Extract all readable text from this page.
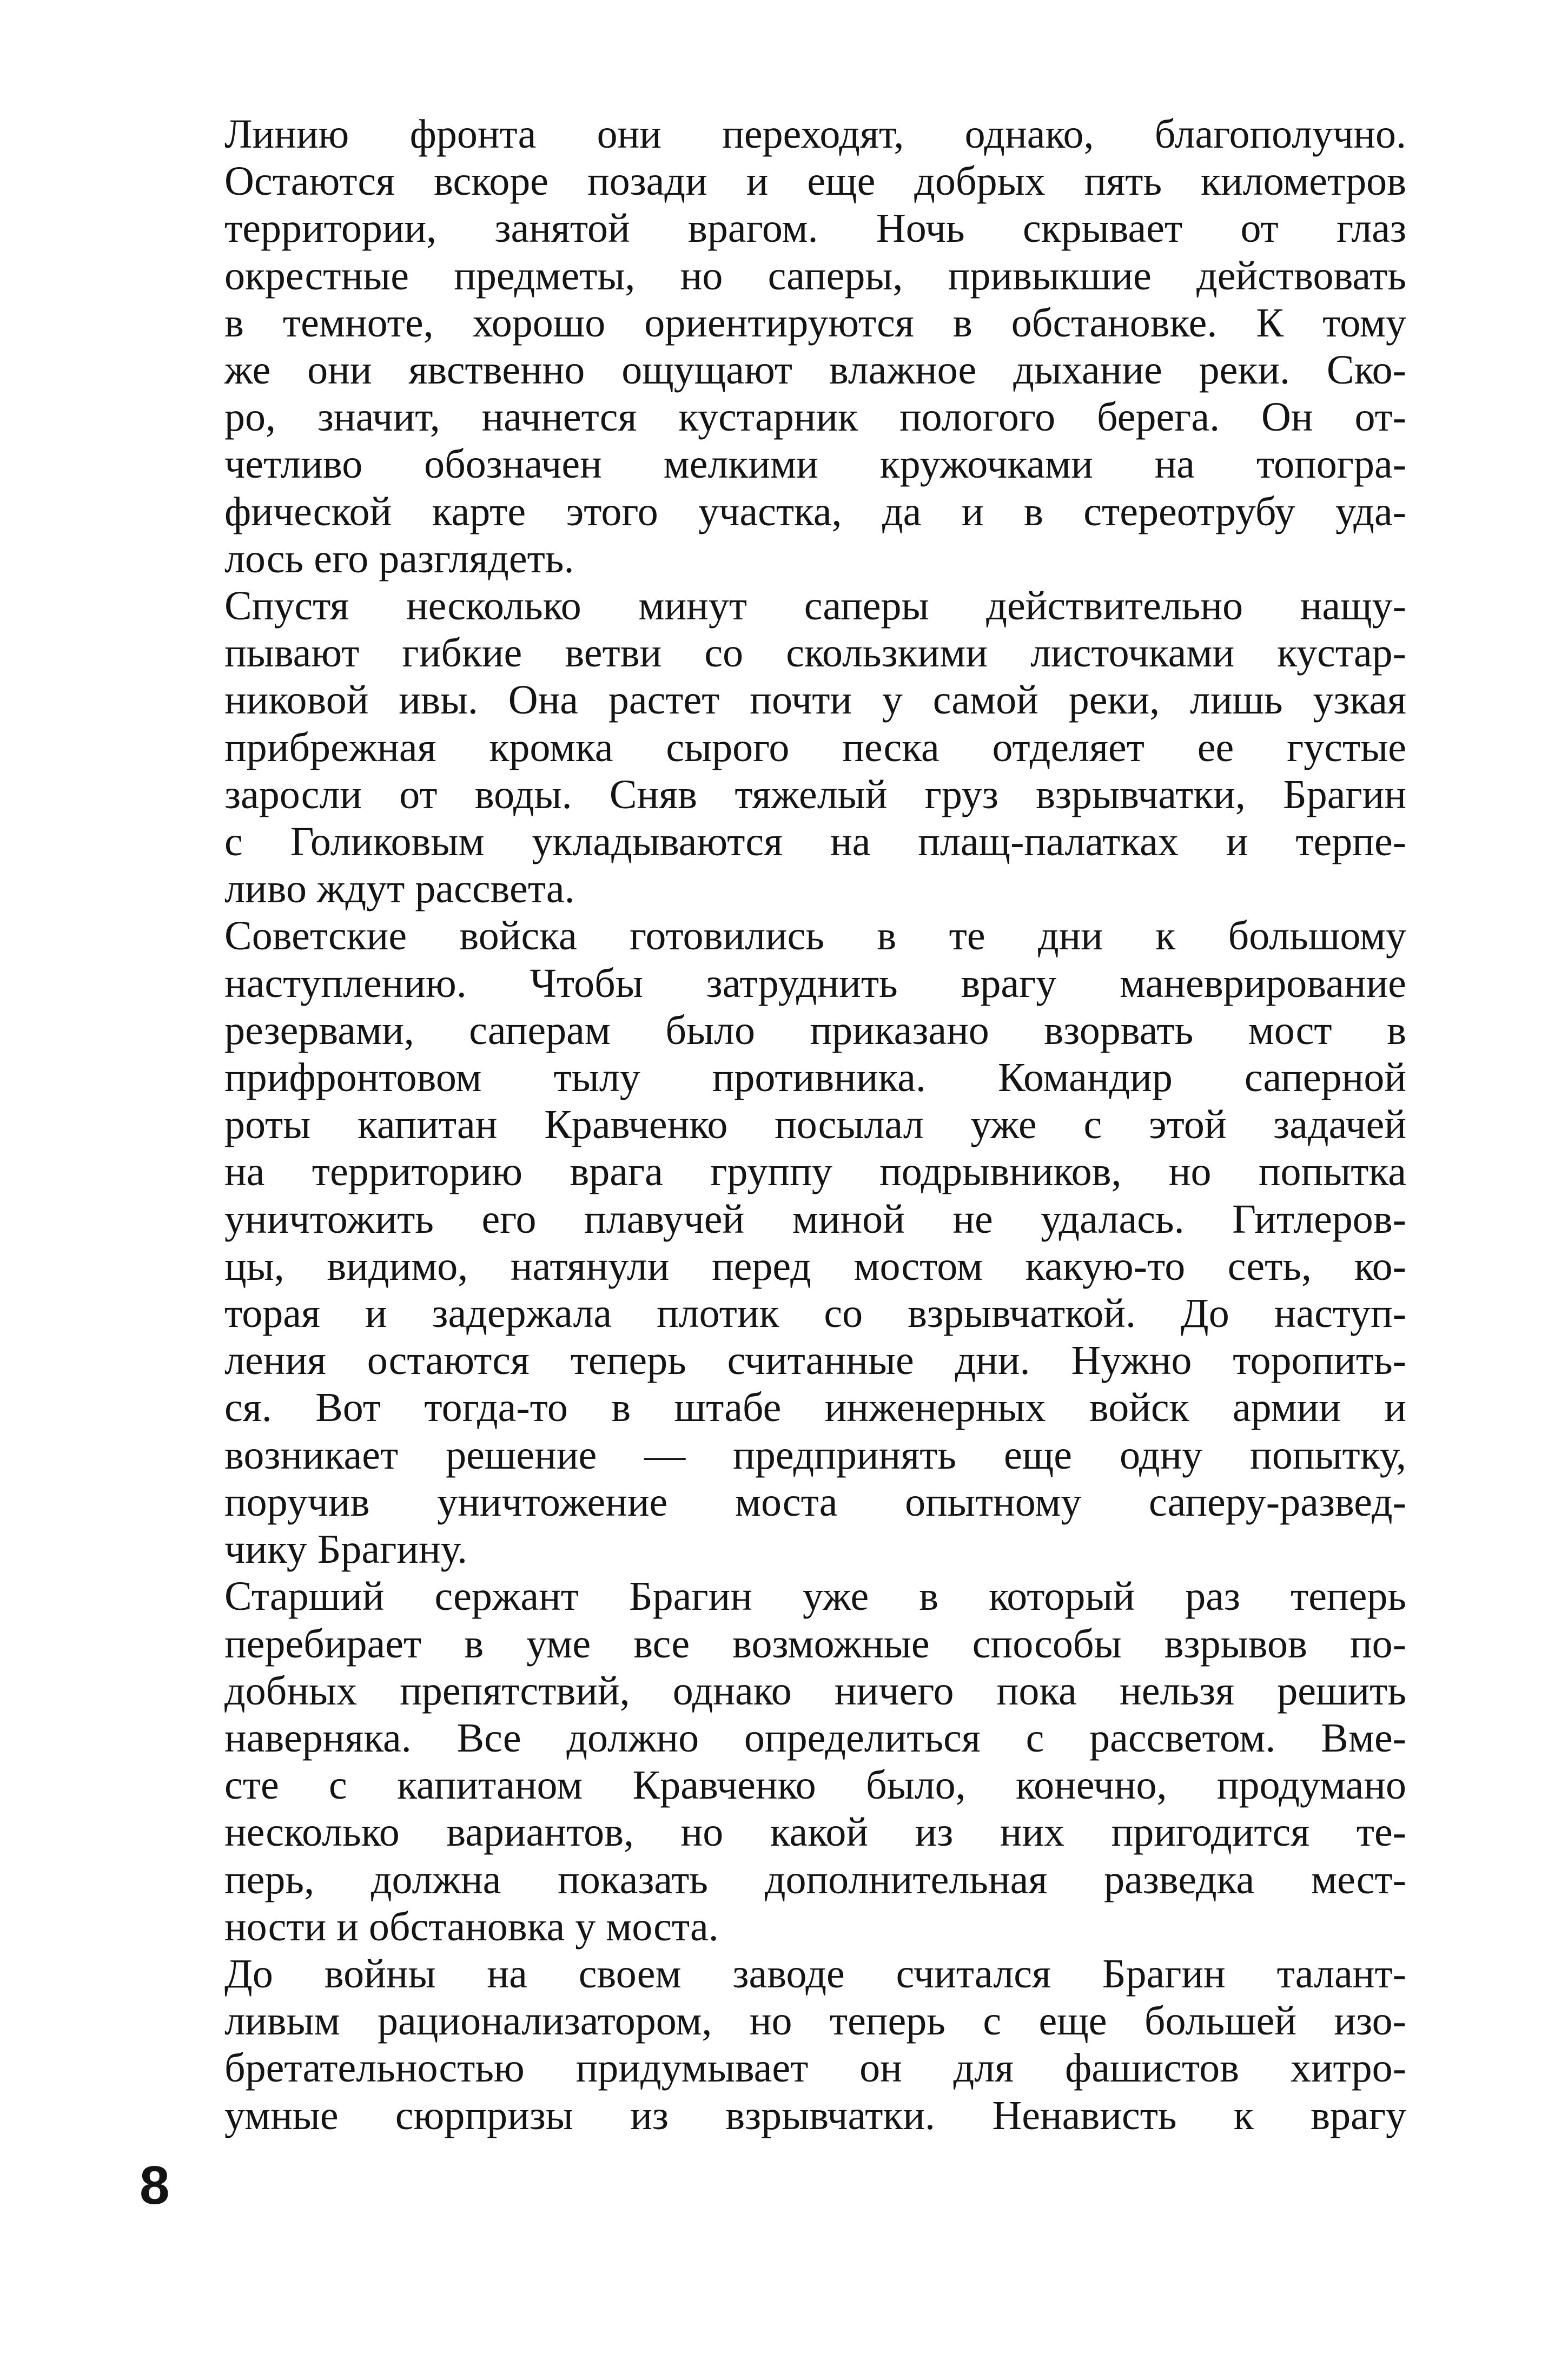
Линию фронта они переходят, однако, благополучно.
Остаются вскоре позади и еще добрых пять километров
территории, занятой врагом. Ночь скрывает от глаз
окрестные предметы, но саперы, привыкшие действовать
в темноте, хорошо ориентируются в обстановке. К тому
же они явственно ощущают влажное дыхание реки. Ско-
ро, значит, начнется кустарник пологого берега. Он от-
четливо обозначен мелкими кружочками на топогра-
фической карте этого участка, да и в стереотрубу уда-
лось его разглядеть.
Спустя несколько минут саперы действительно нащу-
пывают гибкие ветви со скользкими листочками кустар-
никовой ивы. Она растет почти у самой реки, лишь узкая
прибрежная кромка сырого песка отделяет ее густые
заросли от воды. Сняв тяжелый груз взрывчатки, Брагин
с Голиковым укладываются на плащ-палатках и терпе-
ливо ждут рассвета.
Советские войска готовились в те дни к большому
наступлению. Чтобы затруднить врагу маневрирование
резервами, саперам было приказано взорвать мост в
прифронтовом тылу противника. Командир саперной
роты капитан Кравченко посылал уже с этой задачей
на территорию врага группу подрывников, но попытка
уничтожить его плавучей миной не удалась. Гитлеров-
цы, видимо, натянули перед мостом какую-то сеть, ко-
торая и задержала плотик со взрывчаткой. До наступ-
ления остаются теперь считанные дни. Нужно торопить-
ся. Вот тогда-то в штабе инженерных войск армии и
возникает решение — предпринять еще одну попытку,
поручив уничтожение моста опытному саперу-развед-
чику Брагину.
Старший сержант Брагин уже в который раз теперь
перебирает в уме все возможные способы взрывов по-
добных препятствий, однако ничего пока нельзя решить
наверняка. Все должно определиться с рассветом. Вме-
сте с капитаном Кравченко было, конечно, продумано
несколько вариантов, но какой из них пригодится те-
перь, должна показать дополнительная разведка мест-
ности и обстановка у моста.
До войны на своем заводе считался Брагин талант-
ливым рационализатором, но теперь с еще большей изо-
бретательностью придумывает он для фашистов хитро-
умные сюрпризы из взрывчатки. Ненависть к врагу
8
